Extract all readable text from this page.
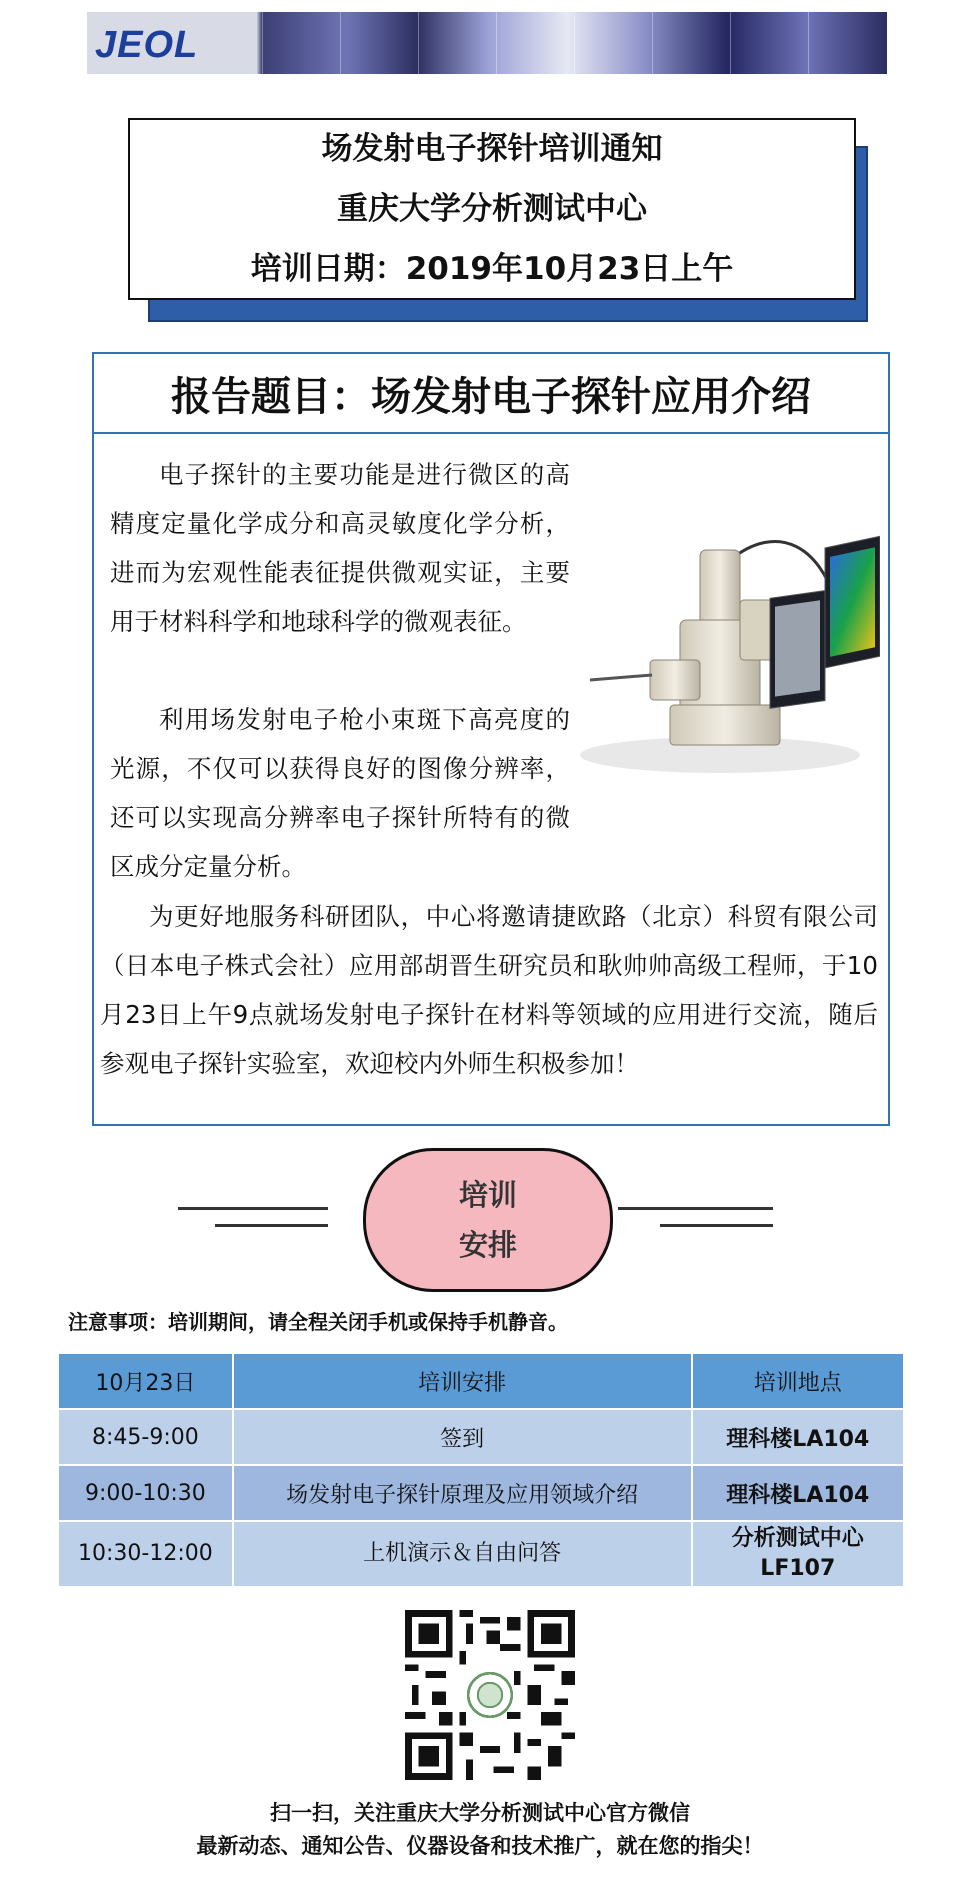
JEOL
场发射电子探针培训通知
重庆大学分析测试中心
培训日期：2019年10月23日上午
报告题目：场发射电子探针应用介绍
电子探针的主要功能是进行微区的高精度定量化学成分和高灵敏度化学分析，进而为宏观性能表征提供微观实证，主要用于材料科学和地球科学的微观表征。
利用场发射电子枪小束斑下高亮度的光源，不仅可以获得良好的图像分辨率，还可以实现高分辨率电子探针所特有的微区成分定量分析。
为更好地服务科研团队，中心将邀请捷欧路（北京）科贸有限公司（日本电子株式会社）应用部胡晋生研究员和耿帅帅高级工程师，于10月23日上午9点就场发射电子探针在材料等领域的应用进行交流，随后参观电子探针实验室，欢迎校内外师生积极参加！
培训
安排
注意事项：培训期间，请全程关闭手机或保持手机静音。
10月23日	培训安排	培训地点
8:45-9:00	签到	理科楼LA104
9:00-10:30	场发射电子探针原理及应用领域介绍	理科楼LA104
10:30-12:00	上机演示＆自由问答	分析测试中心
LF107
扫一扫，关注重庆大学分析测试中心官方微信
最新动态、通知公告、仪器设备和技术推广，就在您的指尖！
